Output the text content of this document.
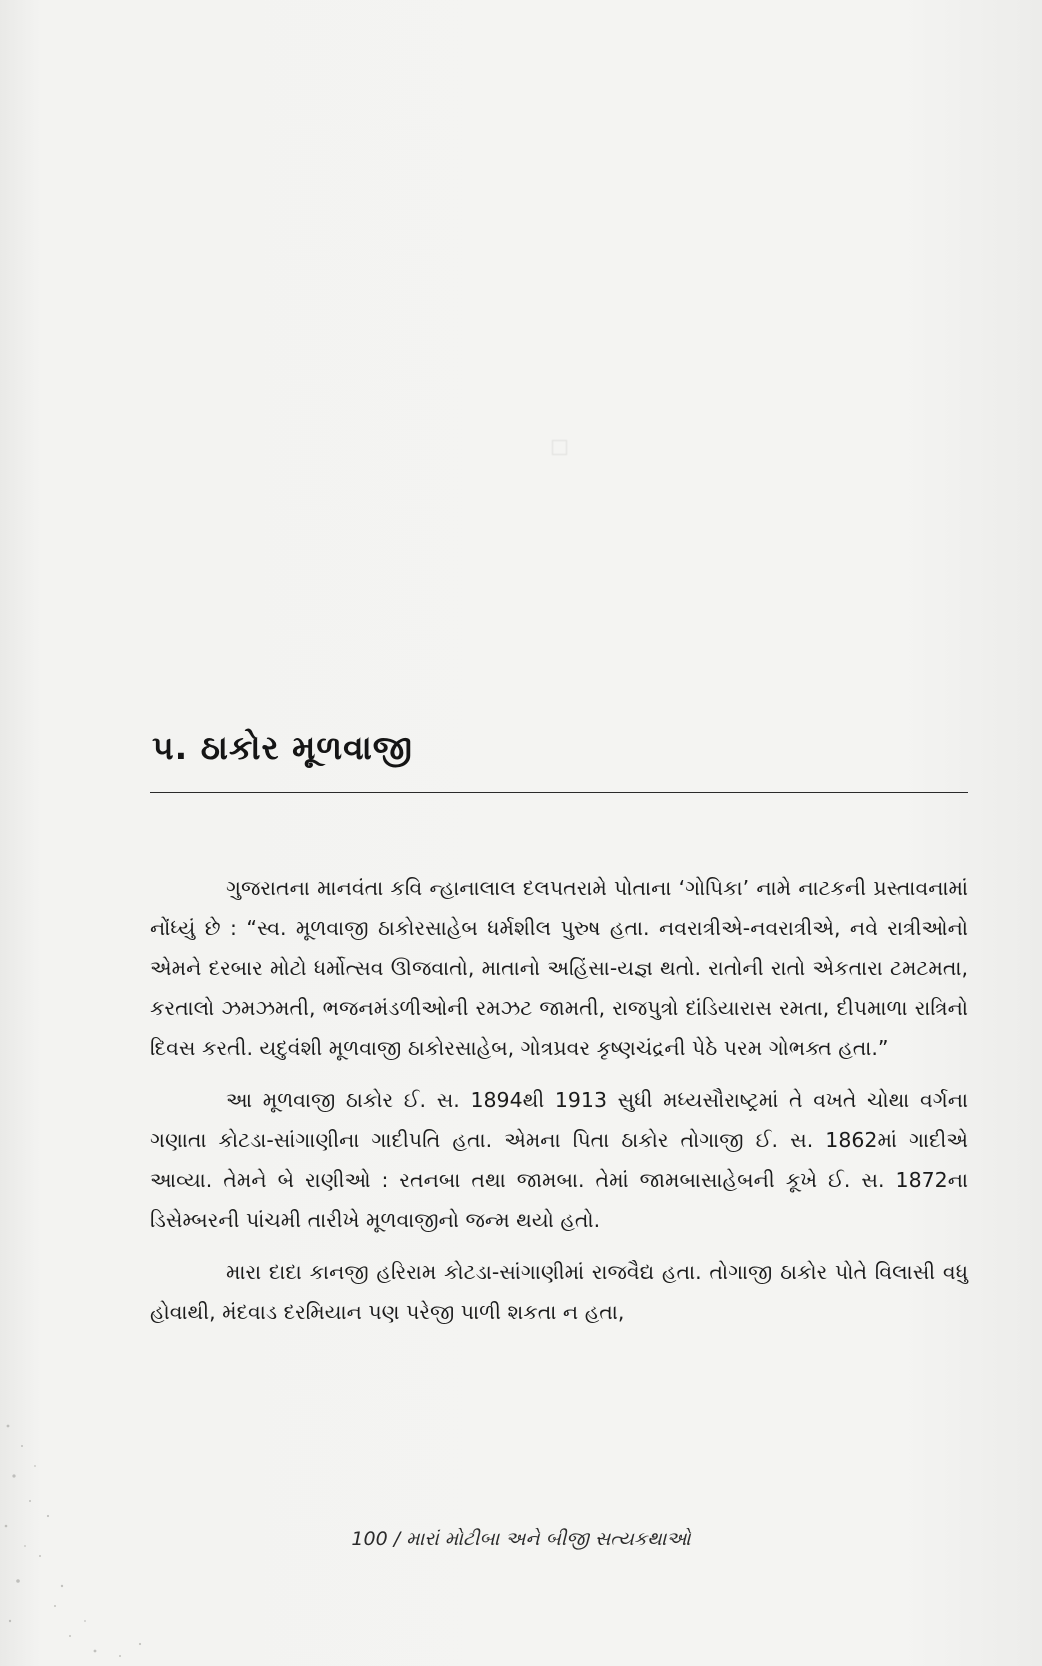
૫. ઠાકોર મૂળવાજી

ગુજરાતના માનવંતા કવિ ન્હાનાલાલ દલપતરામે પોતાના ‘ગોપિકા’ નામે નાટકની પ્રસ્તાવનામાં નોંધ્યું છે : “સ્વ. મૂળવાજી ઠાકોરસાહેબ ધર્મશીલ પુરુષ હતા. નવરાત્રીએ-નવરાત્રીએ, નવે રાત્રીઓનો એમને દરબાર મોટો ધર્મોત્સવ ઊજવાતો, માતાનો અહિંસા-યજ્ઞ થતો. રાતોની રાતો એકતારા ટમટમતા, કરતાલો ઝમઝમતી, ભજનમંડળીઓની રમઝટ જામતી, રાજપુત્રો દાંડિયારાસ રમતા, દીપમાળા રાત્રિનો દિવસ કરતી. યદુવંશી મૂળવાજી ઠાકોરસાહેબ, ગોત્રપ્રવર કૃષ્ણચંદ્રની પેઠે પરમ ગોભક્ત હતા.”

આ મૂળવાજી ઠાકોર ઈ. સ. 1894થી 1913 સુધી મધ્યસૌરાષ્ટ્રમાં તે વખતે ચોથા વર્ગના ગણાતા કોટડા-સાંગાણીના ગાદીપતિ હતા. એમના પિતા ઠાકોર તોગાજી ઈ. સ. 1862માં ગાદીએ આવ્યા. તેમને બે રાણીઓ : રતનબા તથા જામબા. તેમાં જામબાસાહેબની કૂખે ઈ. સ. 1872ના ડિસેમ્બરની પાંચમી તારીખે મૂળવાજીનો જન્મ થયો હતો.

મારા દાદા કાનજી હરિરામ કોટડા-સાંગાણીમાં રાજવૈદ્ય હતા. તોગાજી ઠાકોર પોતે વિલાસી વધુ હોવાથી, મંદવાડ દરમિયાન પણ પરેજી પાળી શકતા ન હતા,

100 / મારાં મોટીબા અને બીજી સત્યકથાઓ
